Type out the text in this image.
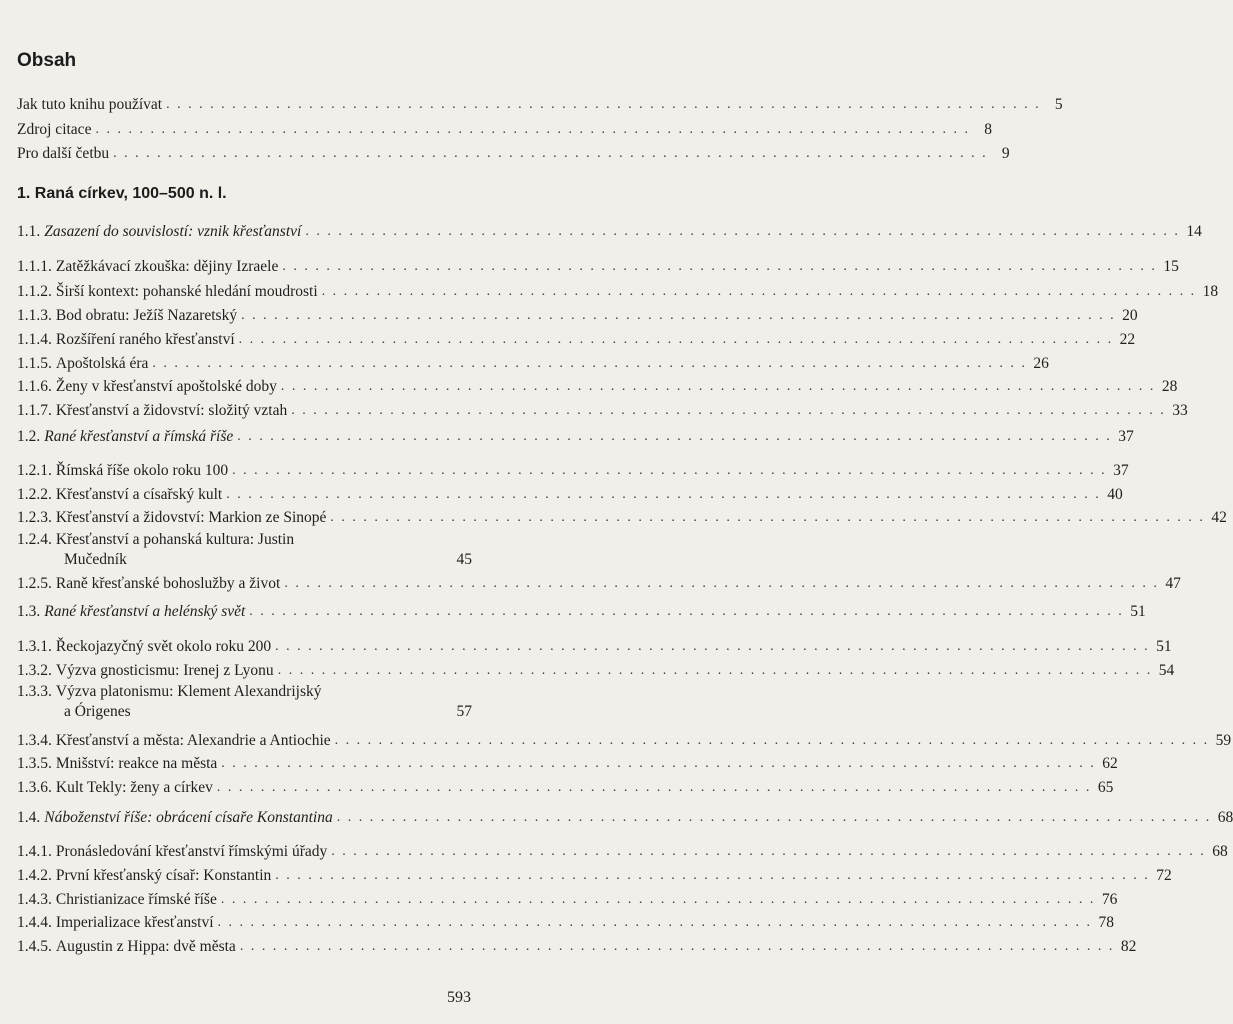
Obsah
Jak tuto knihu používat . . .	5
Zdroj citace . . .	8
Pro další četbu . . .	9
1. Raná církev, 100–500 n. l.
1.1. Zasazení do souvislostí: vznik křesťanství . . .	14
1.1.1. Zatěžkávací zkouška: dějiny Izraele . . .	15
1.1.2. Širší kontext: pohanské hledání moudrosti . . .	18
1.1.3. Bod obratu: Ježíš Nazaretský . . .	20
1.1.4. Rozšíření raného křesťanství . . .	22
1.1.5. Apoštolská éra . . .	26
1.1.6. Ženy v křesťanství apoštolské doby . . .	28
1.1.7. Křesťanství a židovství: složitý vztah . . .	33
1.2. Rané křesťanství a římská říše . . .	37
1.2.1. Římská říše okolo roku 100 . . .	37
1.2.2. Křesťanství a císařský kult . . .	40
1.2.3. Křesťanství a židovství: Markion ze Sinopé . . .	42
1.2.4. Křesťanství a pohanská kultura: Justin
Mučedník	45
1.2.5. Raně křesťanské bohoslužby a život . . .	47
1.3. Rané křesťanství a helénský svět . . .	51
1.3.1. Řeckojazyčný svět okolo roku 200 . . .	51
1.3.2. Výzva gnosticismu: Irenej z Lyonu . . .	54
1.3.3. Výzva platonismu: Klement Alexandrijský
a Órigenes	57
1.3.4. Křesťanství a města: Alexandrie a Antiochie . . .	59
1.3.5. Mnišství: reakce na města . . .	62
1.3.6. Kult Tekly: ženy a církev . . .	65
1.4. Náboženství říše: obrácení císaře Konstantina . . .	68
1.4.1. Pronásledování křesťanství římskými úřady . . .	68
1.4.2. První křesťanský císař: Konstantin . . .	72
1.4.3. Christianizace římské říše . . .	76
1.4.4. Imperializace křesťanství . . .	78
1.4.5. Augustin z Hippa: dvě města . . .	82
593
